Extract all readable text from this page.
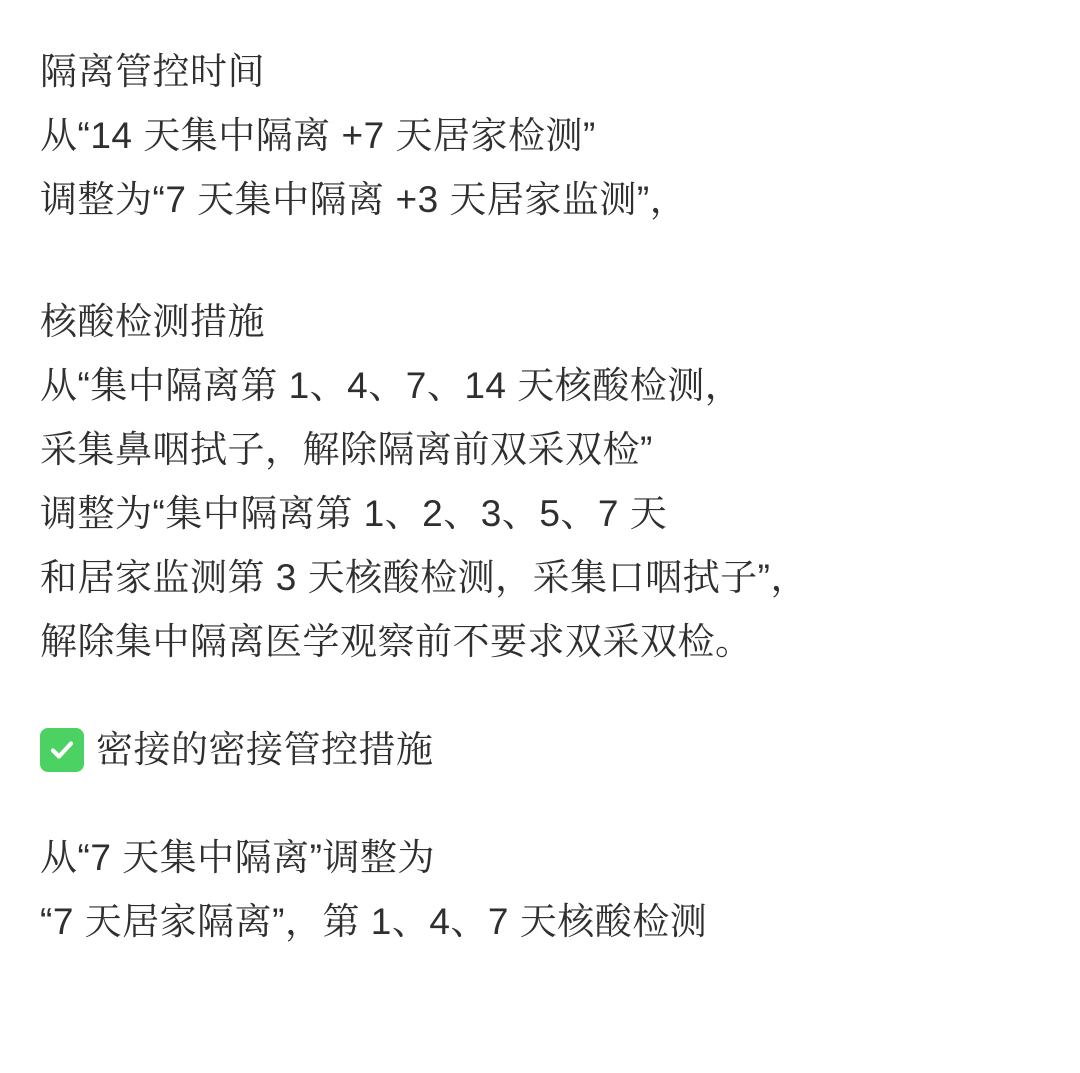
隔离管控时间
从“14 天集中隔离 +7 天居家检测”
调整为“7 天集中隔离 +3 天居家监测”，
核酸检测措施
从“集中隔离第 1、4、7、14 天核酸检测，
采集鼻咽拭子，解除隔离前双采双检”
调整为“集中隔离第 1、2、3、5、7 天
和居家监测第 3 天核酸检测，采集口咽拭子”，
解除集中隔离医学观察前不要求双采双检。
密接的密接管控措施
从“7 天集中隔离”调整为
“7 天居家隔离”，第 1、4、7 天核酸检测
